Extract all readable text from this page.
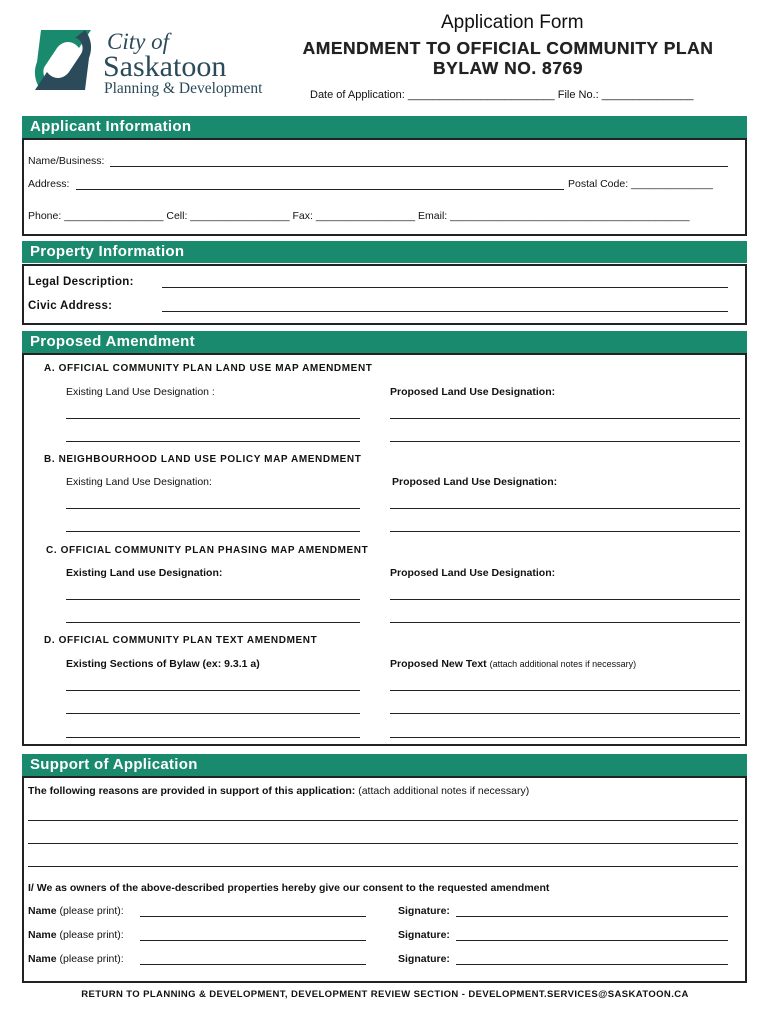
City of
Saskatoon
Planning & Development
Application Form
AMENDMENT TO OFFICIAL COMMUNITY PLAN
BYLAW NO. 8769
Date of Application: ________________________ File No.: _______________
Applicant Information
Name/Business:
Address:	Postal Code: ______________
Phone: _________________ Cell: _________________ Fax: _________________ Email: _________________________________________
Property Information
Legal Description:
Civic Address:
Proposed Amendment
A. OFFICIAL COMMUNITY PLAN LAND USE MAP AMENDMENT
Existing Land Use Designation :	Proposed Land Use Designation:
B. NEIGHBOURHOOD LAND USE POLICY MAP AMENDMENT
Existing Land Use Designation:	Proposed Land Use Designation:
C. OFFICIAL COMMUNITY PLAN PHASING MAP AMENDMENT
Existing Land use Designation:	Proposed Land Use Designation:
D. OFFICIAL COMMUNITY PLAN TEXT AMENDMENT
Existing Sections of Bylaw (ex: 9.3.1 a)	Proposed New Text (attach additional notes if necessary)
Support of Application
The following reasons are provided in support of this application: (attach additional notes if necessary)
I/ We as owners of the above-described properties hereby give our consent to the requested amendment
Name (please print):	Signature:
Name (please print):	Signature:
Name (please print):	Signature:
RETURN TO PLANNING & DEVELOPMENT, DEVELOPMENT REVIEW SECTION - DEVELOPMENT.SERVICES@SASKATOON.CA
